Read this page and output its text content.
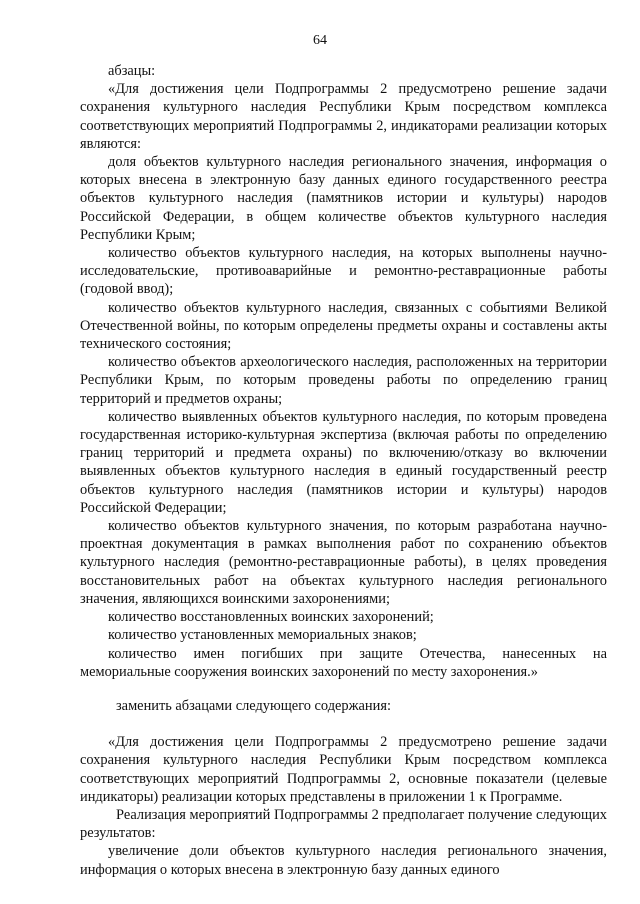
64

абзацы:

«Для достижения цели Подпрограммы 2 предусмотрено решение задачи сохранения культурного наследия Республики Крым посредством комплекса соответствующих мероприятий Подпрограммы 2, индикаторами реализации которых являются:

доля объектов культурного наследия регионального значения, информация о которых внесена в электронную базу данных единого государственного реестра объектов культурного наследия (памятников истории и культуры) народов Российской Федерации, в общем количестве объектов культурного наследия Республики Крым;

количество объектов культурного наследия, на которых выполнены научно-исследовательские, противоаварийные и ремонтно-реставрационные работы (годовой ввод);

количество объектов культурного наследия, связанных с событиями Великой Отечественной войны, по которым определены предметы охраны и составлены акты технического состояния;

количество объектов археологического наследия, расположенных на территории Республики Крым, по которым проведены работы по определению границ территорий и предметов охраны;

количество выявленных объектов культурного наследия, по которым проведена государственная историко-культурная экспертиза (включая работы по определению границ территорий и предмета охраны) по включению/отказу во включении выявленных объектов культурного наследия в единый государственный реестр объектов культурного наследия (памятников истории и культуры) народов Российской Федерации;

количество объектов культурного значения, по которым разработана научно-проектная документация в рамках выполнения работ по сохранению объектов культурного наследия (ремонтно-реставрационные работы), в целях проведения восстановительных работ на объектах культурного наследия регионального значения, являющихся воинскими захоронениями;

количество восстановленных воинских захоронений;

количество установленных мемориальных знаков;

количество имен погибших при защите Отечества, нанесенных на мемориальные сооружения воинских захоронений по месту захоронения.»

заменить абзацами следующего содержания:

«Для достижения цели Подпрограммы 2 предусмотрено решение задачи сохранения культурного наследия Республики Крым посредством комплекса соответствующих мероприятий Подпрограммы 2, основные показатели (целевые индикаторы) реализации которых представлены в приложении 1 к Программе.

Реализация мероприятий Подпрограммы 2 предполагает получение следующих результатов:

увеличение доли объектов культурного наследия регионального значения, информация о которых внесена в электронную базу данных единого
